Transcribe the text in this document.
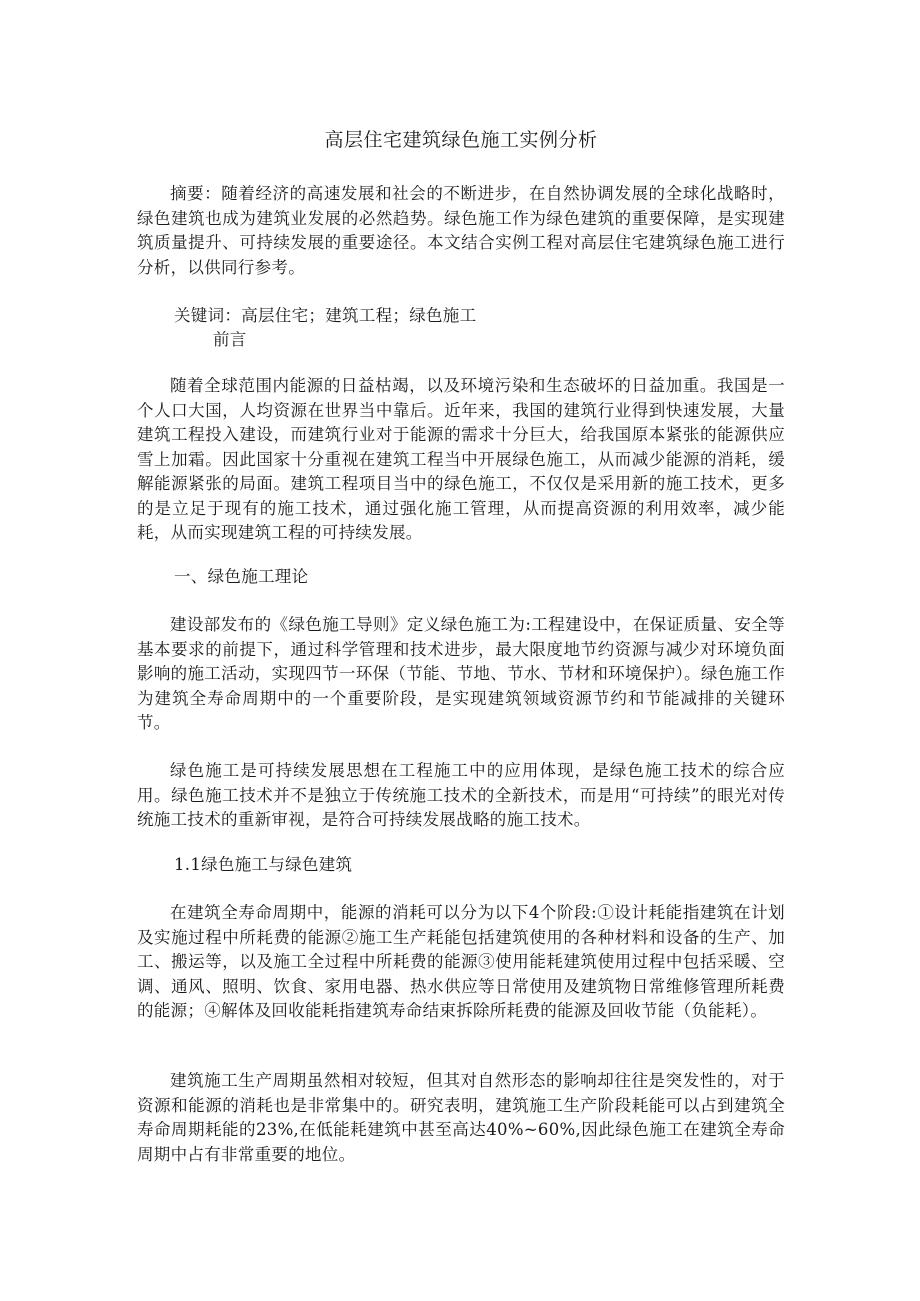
高层住宅建筑绿色施工实例分析

摘要：随着经济的高速发展和社会的不断进步，在自然协调发展的全球化战略时，绿色建筑也成为建筑业发展的必然趋势。绿色施工作为绿色建筑的重要保障，是实现建筑质量提升、可持续发展的重要途径。本文结合实例工程对高层住宅建筑绿色施工进行分析，以供同行参考。

关键词：高层住宅；建筑工程；绿色施工

前言

随着全球范围内能源的日益枯竭，以及环境污染和生态破坏的日益加重。我国是一个人口大国，人均资源在世界当中靠后。近年来，我国的建筑行业得到快速发展，大量建筑工程投入建设，而建筑行业对于能源的需求十分巨大，给我国原本紧张的能源供应雪上加霜。因此国家十分重视在建筑工程当中开展绿色施工，从而减少能源的消耗，缓解能源紧张的局面。建筑工程项目当中的绿色施工，不仅仅是采用新的施工技术，更多的是立足于现有的施工技术，通过强化施工管理，从而提高资源的利用效率，减少能耗，从而实现建筑工程的可持续发展。

一、绿色施工理论

建设部发布的《绿色施工导则》定义绿色施工为:工程建设中，在保证质量、安全等基本要求的前提下，通过科学管理和技术进步，最大限度地节约资源与减少对环境负面影响的施工活动，实现四节一环保（节能、节地、节水、节材和环境保护）。绿色施工作为建筑全寿命周期中的一个重要阶段，是实现建筑领域资源节约和节能减排的关键环节。

绿色施工是可持续发展思想在工程施工中的应用体现，是绿色施工技术的综合应用。绿色施工技术并不是独立于传统施工技术的全新技术，而是用“可持续”的眼光对传统施工技术的重新审视，是符合可持续发展战略的施工技术。

1.1绿色施工与绿色建筑

在建筑全寿命周期中，能源的消耗可以分为以下4个阶段:①设计耗能指建筑在计划及实施过程中所耗费的能源②施工生产耗能包括建筑使用的各种材料和设备的生产、加工、搬运等，以及施工全过程中所耗费的能源③使用能耗建筑使用过程中包括采暖、空调、通风、照明、饮食、家用电器、热水供应等日常使用及建筑物日常维修管理所耗费的能源；④解体及回收能耗指建筑寿命结束拆除所耗费的能源及回收节能（负能耗）。

建筑施工生产周期虽然相对较短，但其对自然形态的影响却往往是突发性的，对于资源和能源的消耗也是非常集中的。研究表明，建筑施工生产阶段耗能可以占到建筑全寿命周期耗能的23%,在低能耗建筑中甚至高达40%~60%,因此绿色施工在建筑全寿命周期中占有非常重要的地位。
